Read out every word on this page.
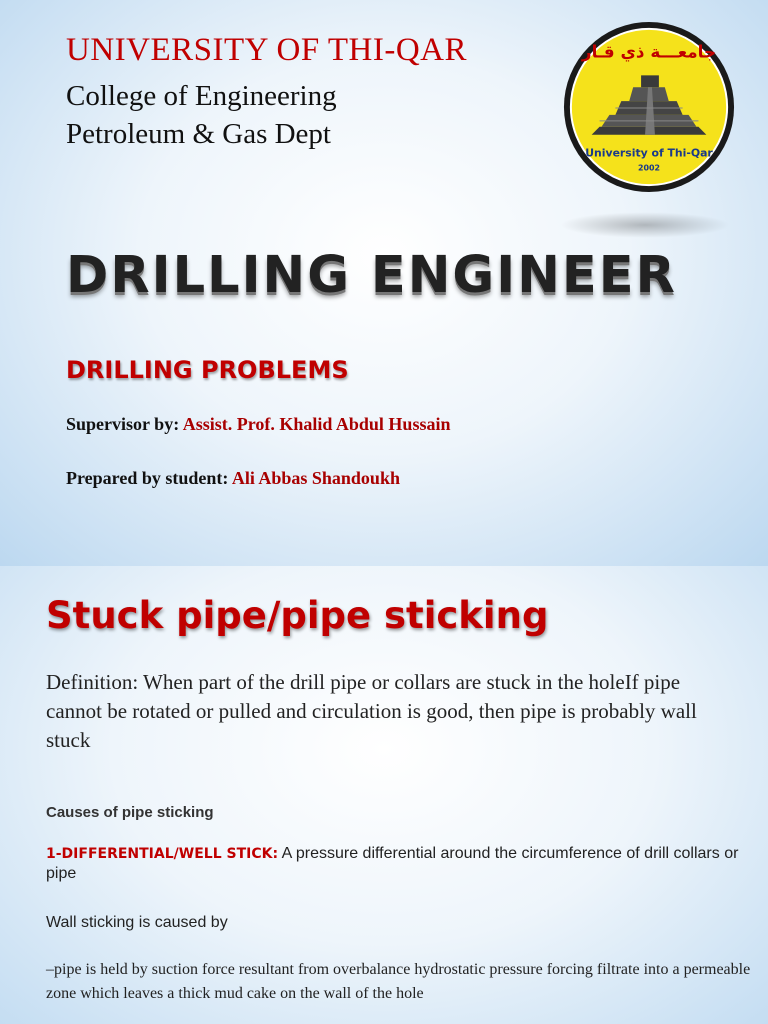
UNIVERSITY OF THI-QAR
College of Engineering
Petroleum & Gas Dept
جامعـــة ذي قـار
University of Thi-Qar
2002
DRILLING ENGINEER
DRILLING PROBLEMS
Supervisor by: Assist. Prof. Khalid Abdul Hussain
Prepared by student: Ali Abbas Shandoukh
Stuck pipe/pipe sticking
Definition: When part of the drill pipe or collars are stuck in the holeIf pipe cannot be rotated or pulled and circulation is good, then pipe is probably wall stuck
Causes of pipe sticking
1-DIFFERENTIAL/WELL STICK: A pressure differential around the circumference of drill collars or pipe
Wall sticking is caused by
–pipe is held by suction force resultant from overbalance hydrostatic pressure forcing filtrate into a permeable zone which leaves a thick mud cake on the wall of the hole
